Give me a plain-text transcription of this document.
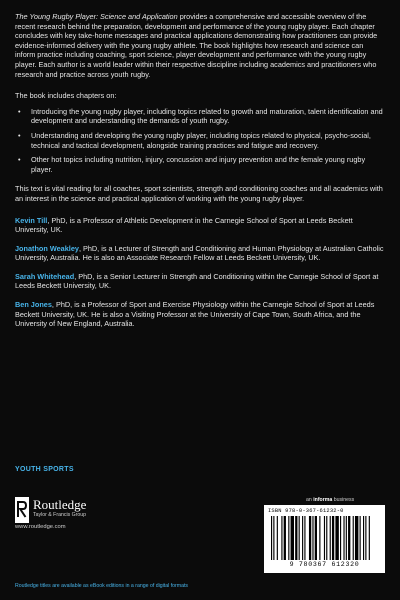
The Young Rugby Player: Science and Application provides a comprehensive and accessible overview of the recent research behind the preparation, development and performance of the young rugby player. Each chapter concludes with key take-home messages and practical applications demonstrating how practitioners can provide evidence-informed delivery with the young rugby athlete. The book highlights how research and science can inform practice including coaching, sport science, player development and performance with the young rugby player. Each author is a world leader within their respective discipline including academics and practitioners who research and practice across youth rugby.

The book includes chapters on:

• Introducing the young rugby player, including topics related to growth and maturation, talent identification and development and understanding the demands of youth rugby.
• Understanding and developing the young rugby player, including topics related to physical, psycho-social, technical and tactical development, alongside training practices and fatigue and recovery.
• Other hot topics including nutrition, injury, concussion and injury prevention and the female young rugby player.

This text is vital reading for all coaches, sport scientists, strength and conditioning coaches and all academics with an interest in the science and practical application of working with the young rugby player.

Kevin Till, PhD, is a Professor of Athletic Development in the Carnegie School of Sport at Leeds Beckett University, UK.

Jonathon Weakley, PhD, is a Lecturer of Strength and Conditioning and Human Physiology at Australian Catholic University, Australia. He is also an Associate Research Fellow at Leeds Beckett University, UK.

Sarah Whitehead, PhD, is a Senior Lecturer in Strength and Conditioning within the Carnegie School of Sport at Leeds Beckett University, UK.

Ben Jones, PhD, is a Professor of Sport and Exercise Physiology within the Carnegie School of Sport at Leeds Beckett University, UK. He is also a Visiting Professor at the University of Cape Town, South Africa, and the University of New England, Australia.

YOUTH SPORTS
Routledge
Taylor & Francis Group
www.routledge.com
Routledge titles are available as eBook editions in a range of digital formats
an informa business
ISBN 978-0-367-61232-0
9 780367 612320
